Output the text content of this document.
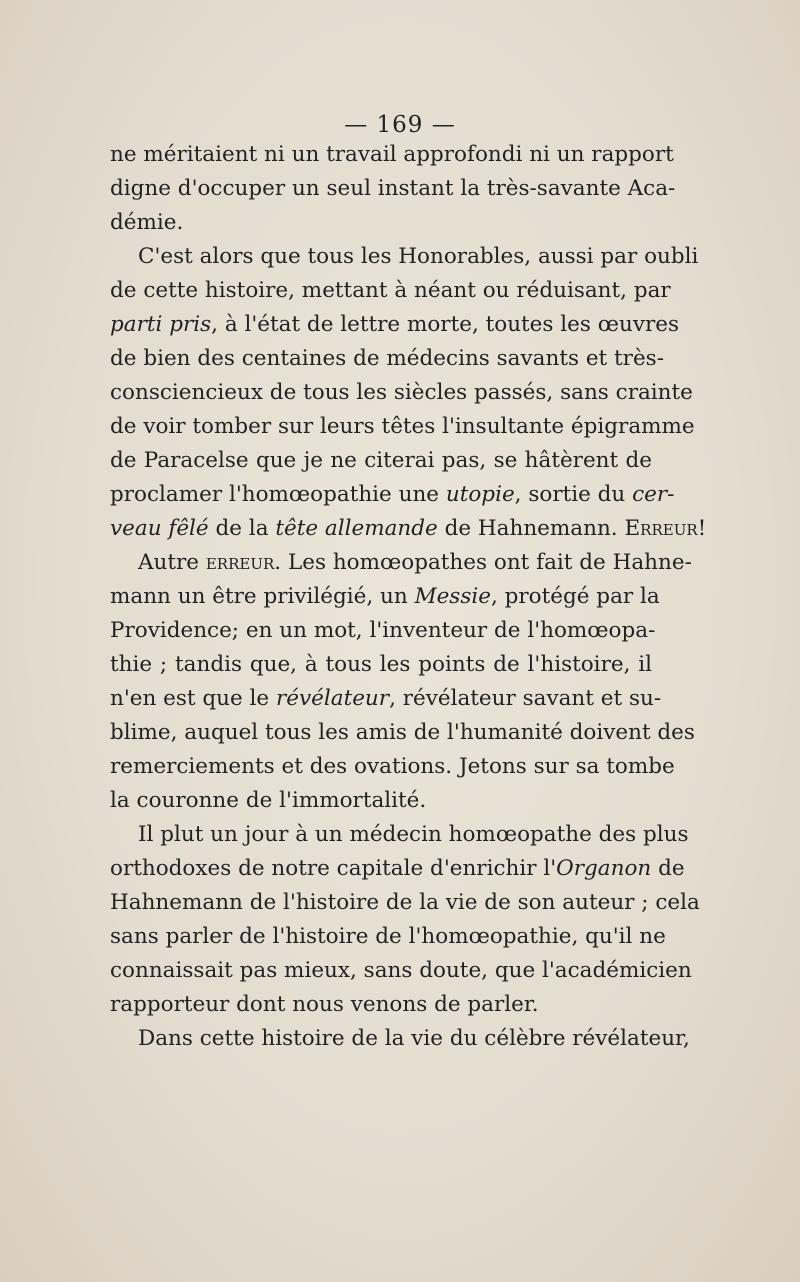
— 169 —
ne méritaient ni un travail approfondi ni un rapport
digne d'occuper un seul instant la très-savante Aca-
démie.
C'est alors que tous les Honorables, aussi par oubli
de cette histoire, mettant à néant ou réduisant, par
parti pris, à l'état de lettre morte, toutes les œuvres
de bien des centaines de médecins savants et très-
consciencieux de tous les siècles passés, sans crainte
de voir tomber sur leurs têtes l'insultante épigramme
de Paracelse que je ne citerai pas, se hâtèrent de
proclamer l'homœopathie une utopie, sortie du cer-
veau fêlé de la tête allemande de Hahnemann. Erreur!
Autre erreur. Les homœopathes ont fait de Hahne-
mann un être privilégié, un Messie, protégé par la
Providence; en un mot, l'inventeur de l'homœopa-
thie ; tandis que, à tous les points de l'histoire, il
n'en est que le révélateur, révélateur savant et su-
blime, auquel tous les amis de l'humanité doivent des
remerciements et des ovations. Jetons sur sa tombe
la couronne de l'immortalité.
Il plut un jour à un médecin homœopathe des plus
orthodoxes de notre capitale d'enrichir l'Organon de
Hahnemann de l'histoire de la vie de son auteur ; cela
sans parler de l'histoire de l'homœopathie, qu'il ne
connaissait pas mieux, sans doute, que l'académicien
rapporteur dont nous venons de parler.
Dans cette histoire de la vie du célèbre révélateur,
